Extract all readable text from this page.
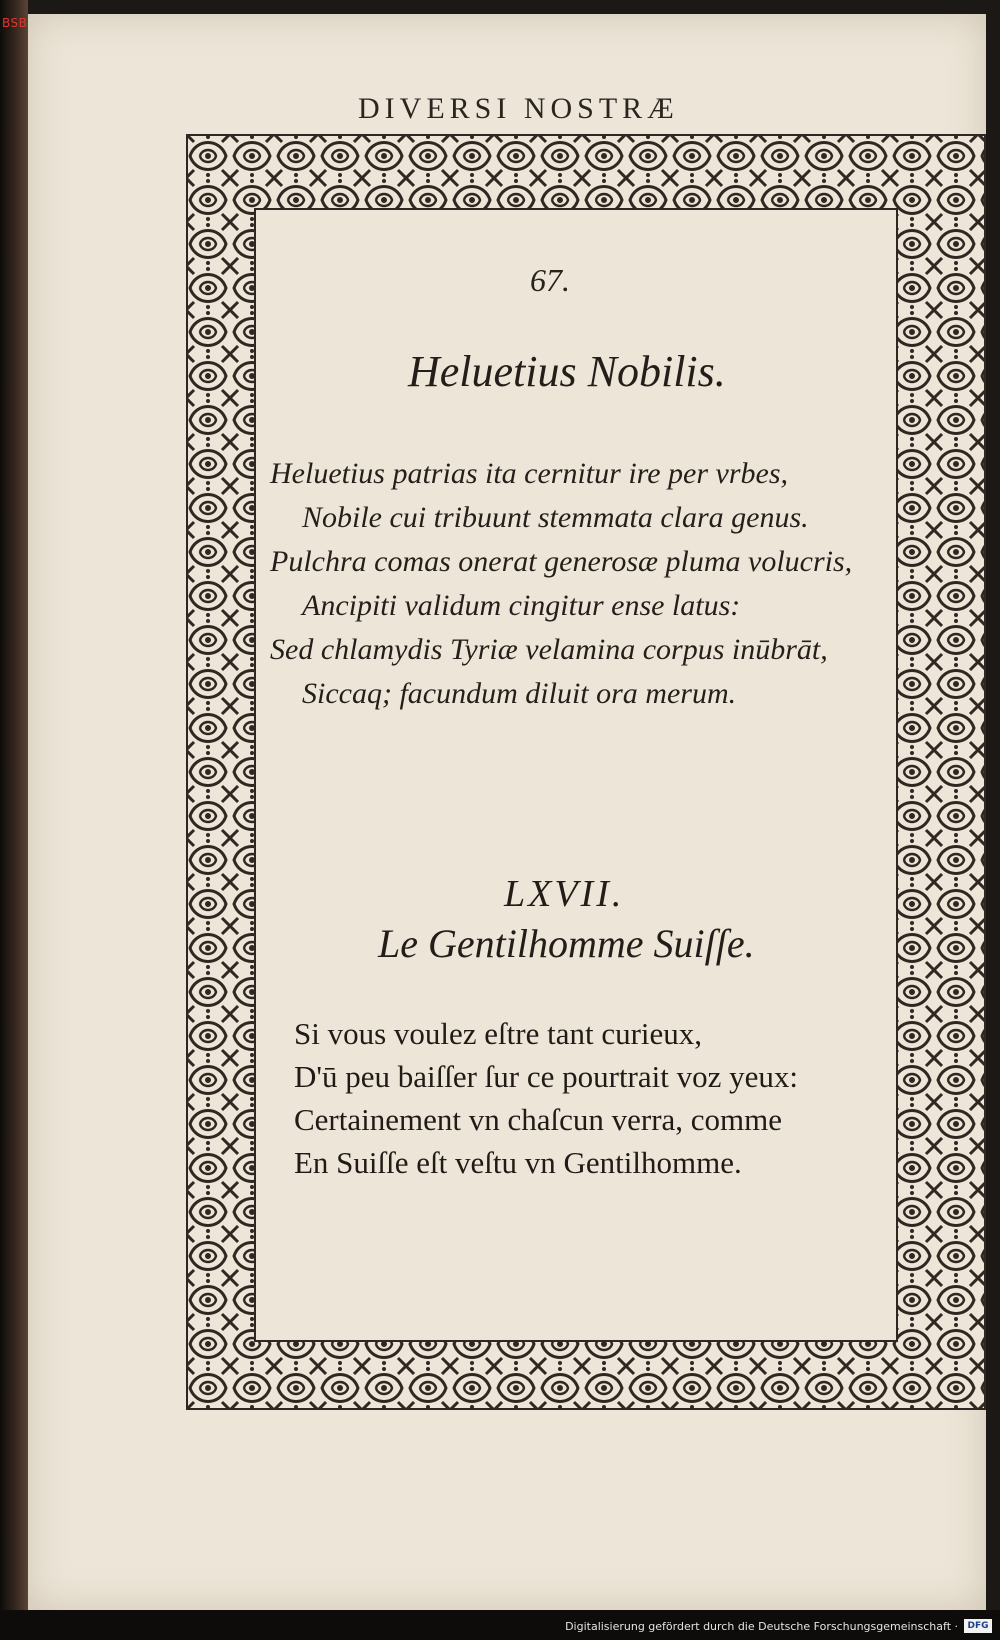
BSB
DIVERSI NOSTRÆ
67.
Heluetius Nobilis.
Heluetius patrias ita cernitur ire per vrbes,
Nobile cui tribuunt stemmata clara genus.
Pulchra comas onerat generosæ pluma volucris,
Ancipiti validum cingitur ense latus:
Sed chlamydis Tyriæ velamina corpus inūbrāt,
Siccaq; facundum diluit ora merum.
LXVII.
Le Gentilhomme Suiſſe.
Si vous voulez eſtre tant curieux,
D'ū peu baiſſer ſur ce pourtrait voz yeux:
Certainement vn chaſcun verra, comme
En Suiſſe eſt veſtu vn Gentilhomme.
Digitalisierung gefördert durch die Deutsche Forschungsgemeinschaft ·	DFG
